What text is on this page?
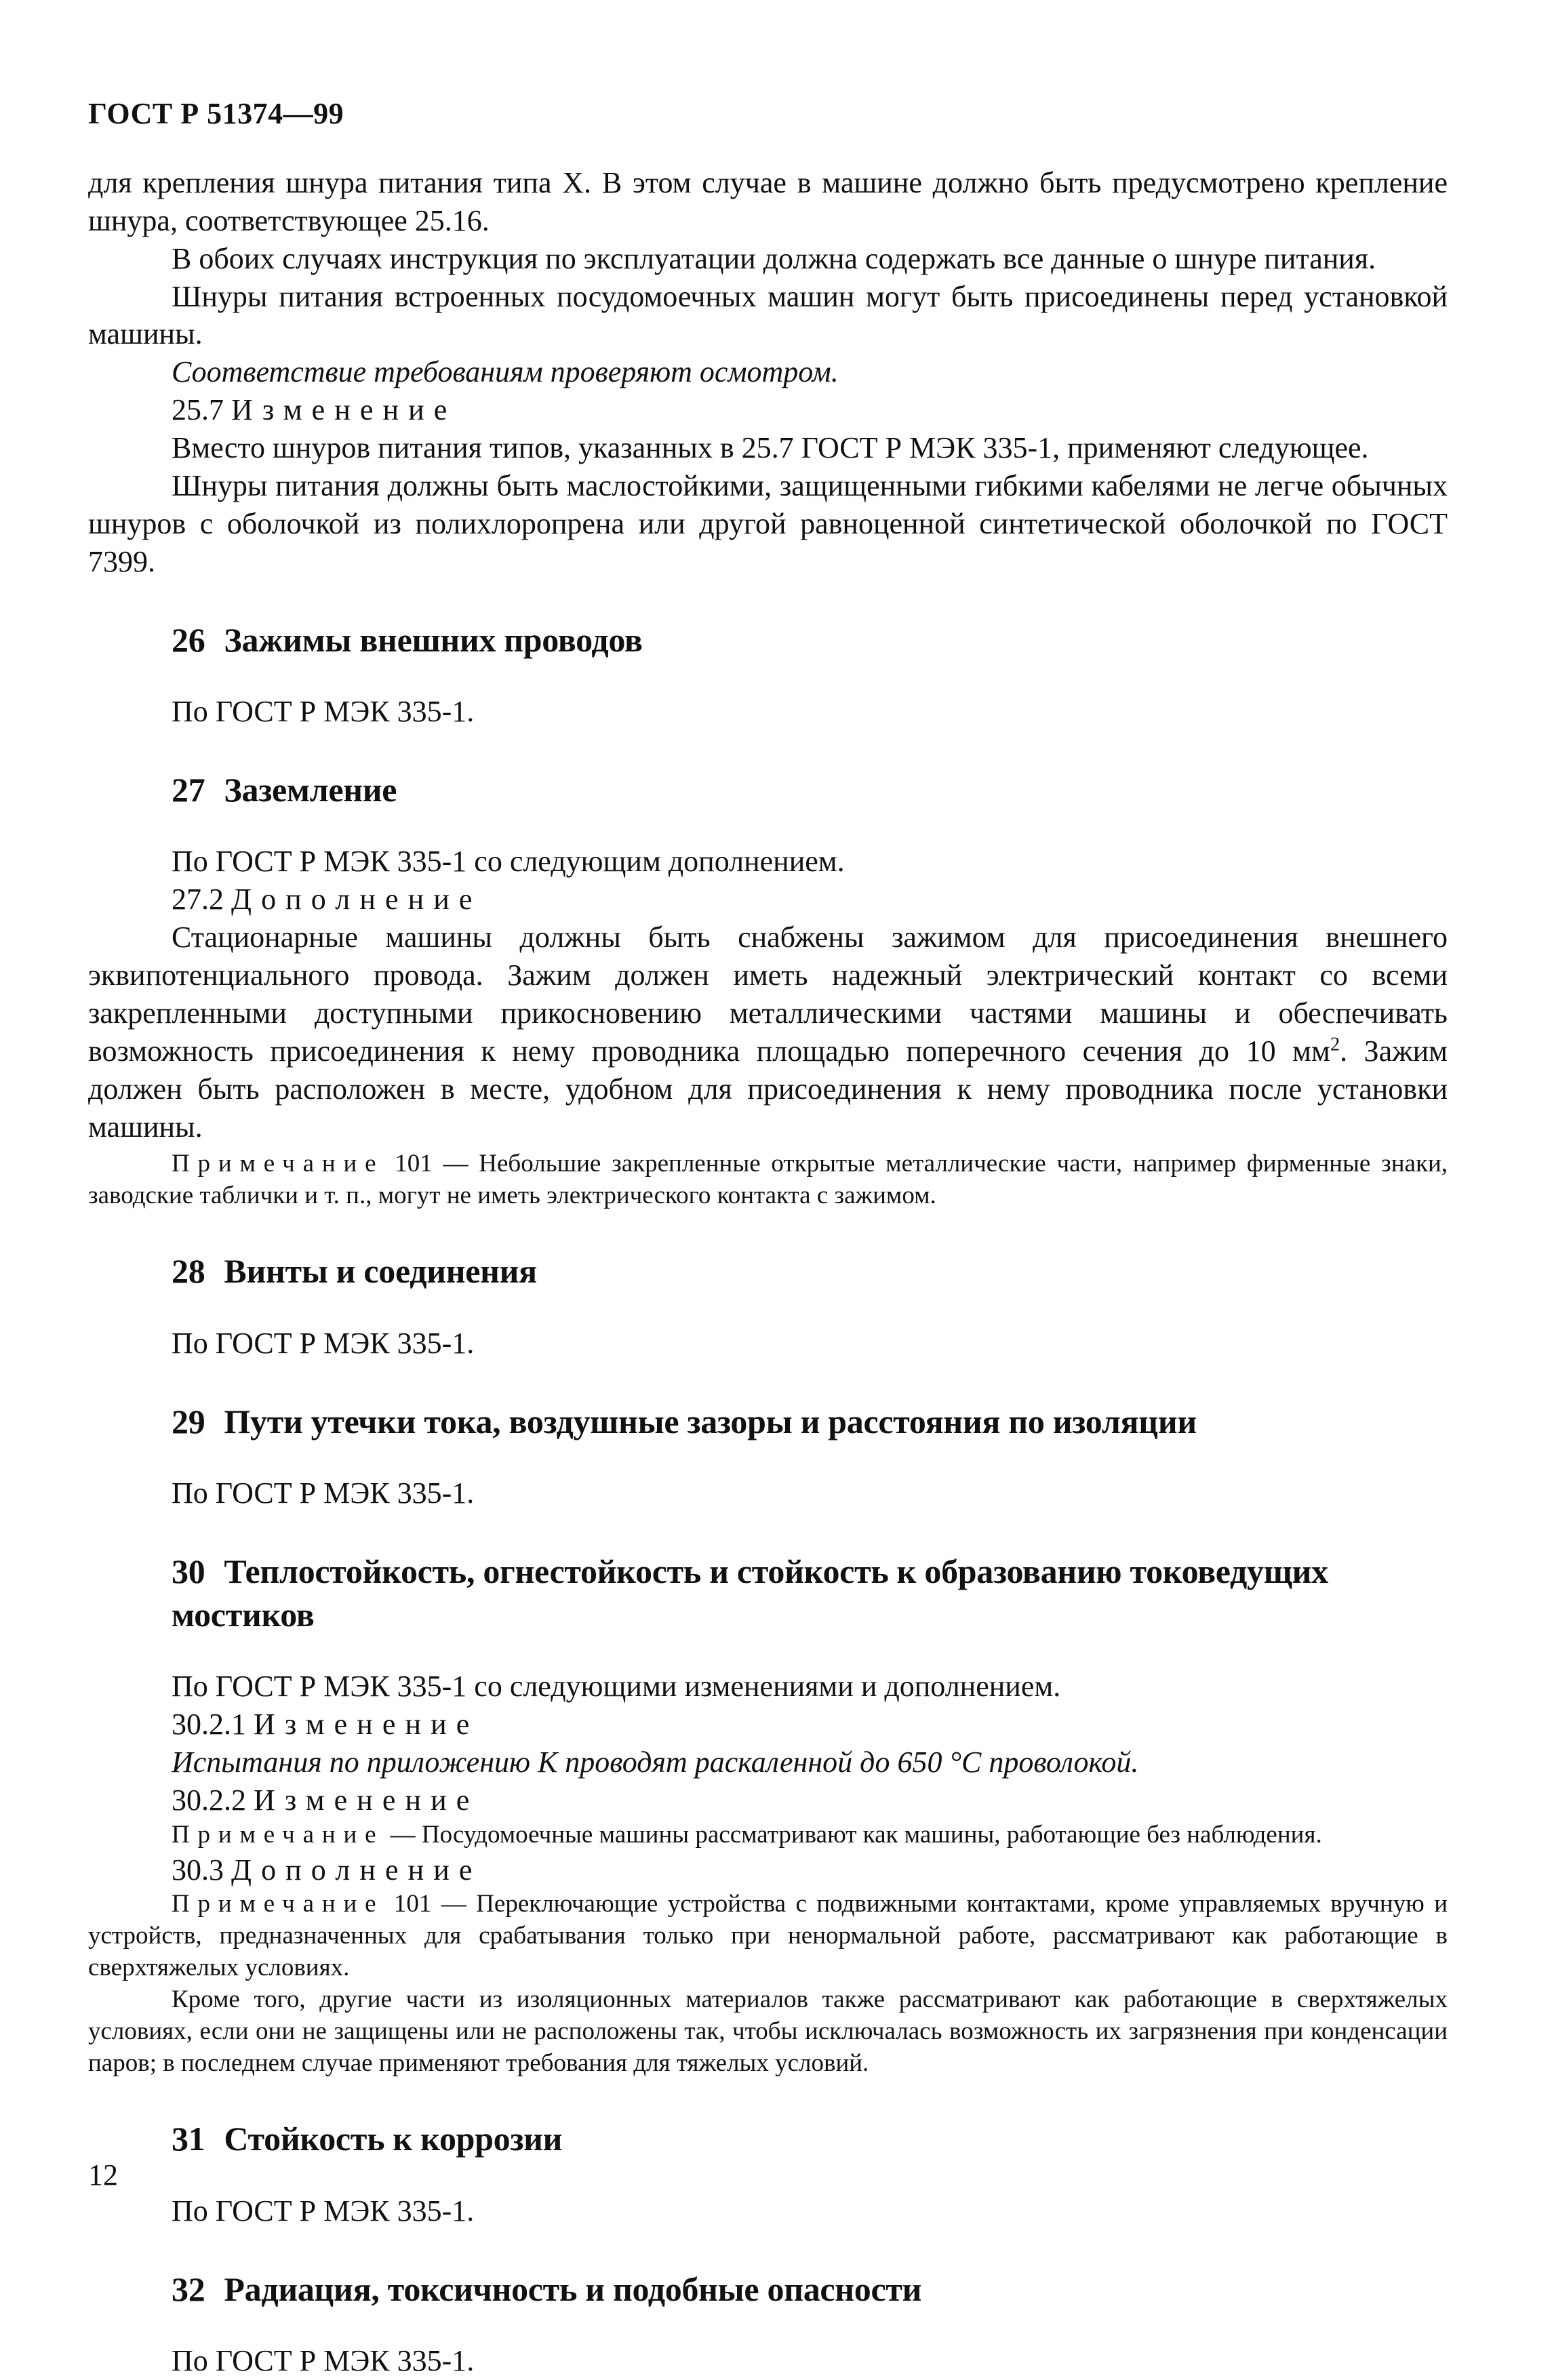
ГОСТ Р 51374—99

для крепления шнура питания типа X. В этом случае в машине должно быть предусмотрено крепление шнура, соответствующее 25.16.

В обоих случаях инструкция по эксплуатации должна содержать все данные о шнуре питания.

Шнуры питания встроенных посудомоечных машин могут быть присоединены перед установкой машины.

Соответствие требованиям проверяют осмотром.

25.7 Изменение

Вместо шнуров питания типов, указанных в 25.7 ГОСТ Р МЭК 335-1, применяют следующее.

Шнуры питания должны быть маслостойкими, защищенными гибкими кабелями не легче обычных шнуров с оболочкой из полихлоропрена или другой равноценной синтетической оболочкой по ГОСТ 7399.

26 Зажимы внешних проводов

По ГОСТ Р МЭК 335-1.

27 Заземление

По ГОСТ Р МЭК 335-1 со следующим дополнением.

27.2 Дополнение

Стационарные машины должны быть снабжены зажимом для присоединения внешнего эквипотенциального провода. Зажим должен иметь надежный электрический контакт со всеми закрепленными доступными прикосновению металлическими частями машины и обеспечивать возможность присоединения к нему проводника площадью поперечного сечения до 10 $мм^2$. Зажим должен быть расположен в месте, удобном для присоединения к нему проводника после установки машины.

Примечание 101 — Небольшие закрепленные открытые металлические части, например фирменные знаки, заводские таблички и т. п., могут не иметь электрического контакта с зажимом.

28 Винты и соединения

По ГОСТ Р МЭК 335-1.

29 Пути утечки тока, воздушные зазоры и расстояния по изоляции

По ГОСТ Р МЭК 335-1.

30 Теплостойкость, огнестойкость и стойкость к образованию токоведущих мостиков

По ГОСТ Р МЭК 335-1 со следующими изменениями и дополнением.

30.2.1 Изменение

Испытания по приложению К проводят раскаленной до 650 °С проволокой.

30.2.2 Изменение

Примечание — Посудомоечные машины рассматривают как машины, работающие без наблюдения.

30.3 Дополнение

Примечание 101 — Переключающие устройства с подвижными контактами, кроме управляемых вручную и устройств, предназначенных для срабатывания только при ненормальной работе, рассматривают как работающие в сверхтяжелых условиях.

Кроме того, другие части из изоляционных материалов также рассматривают как работающие в сверхтяжелых условиях, если они не защищены или не расположены так, чтобы исключалась возможность их загрязнения при конденсации паров; в последнем случае применяют требования для тяжелых условий.

31 Стойкость к коррозии

По ГОСТ Р МЭК 335-1.

32 Радиация, токсичность и подобные опасности

По ГОСТ Р МЭК 335-1.

12
